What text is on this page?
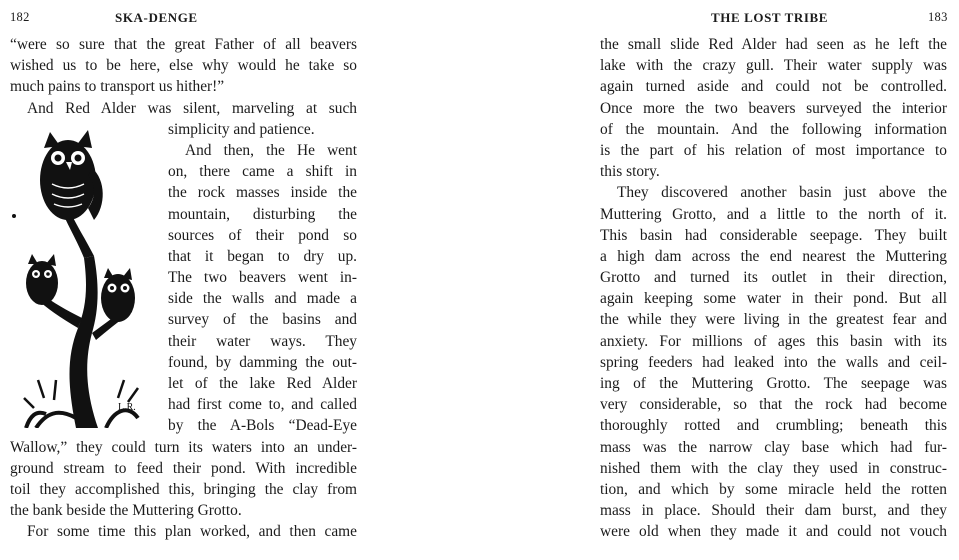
182	SKA-DENGE
L.R.
“were so sure that the great Father of all beavers
wished us to be here, else why would he take so
much pains to transport us hither!”
And Red Alder was silent, marveling at such
simplicity and patience.
And then, the He went
on, there came a shift in
the rock masses inside the
mountain, disturbing the
sources of their pond so
that it began to dry up.
The two beavers went in-
side the walls and made a
survey of the basins and
their water ways. They
found, by damming the out-
let of the lake Red Alder
had first come to, and called
by the A-Bols “Dead-Eye
Wallow,” they could turn its waters into an under-
ground stream to feed their pond. With incredible
toil they accomplished this, bringing the clay from
the bank beside the Muttering Grotto.
For some time this plan worked, and then came
THE LOST TRIBE	183
the small slide Red Alder had seen as he left the
lake with the crazy gull. Their water supply was
again turned aside and could not be controlled.
Once more the two beavers surveyed the interior
of the mountain. And the following information
is the part of his relation of most importance to
this story.
They discovered another basin just above the
Muttering Grotto, and a little to the north of it.
This basin had considerable seepage. They built
a high dam across the end nearest the Muttering
Grotto and turned its outlet in their direction,
again keeping some water in their pond. But all
the while they were living in the greatest fear and
anxiety. For millions of ages this basin with its
spring feeders had leaked into the walls and ceil-
ing of the Muttering Grotto. The seepage was
very considerable, so that the rock had become
thoroughly rotted and crumbling; beneath this
mass was the narrow clay base which had fur-
nished them with the clay they used in construc-
tion, and which by some miracle held the rotten
mass in place. Should their dam burst, and they
were old when they made it and could not vouch
